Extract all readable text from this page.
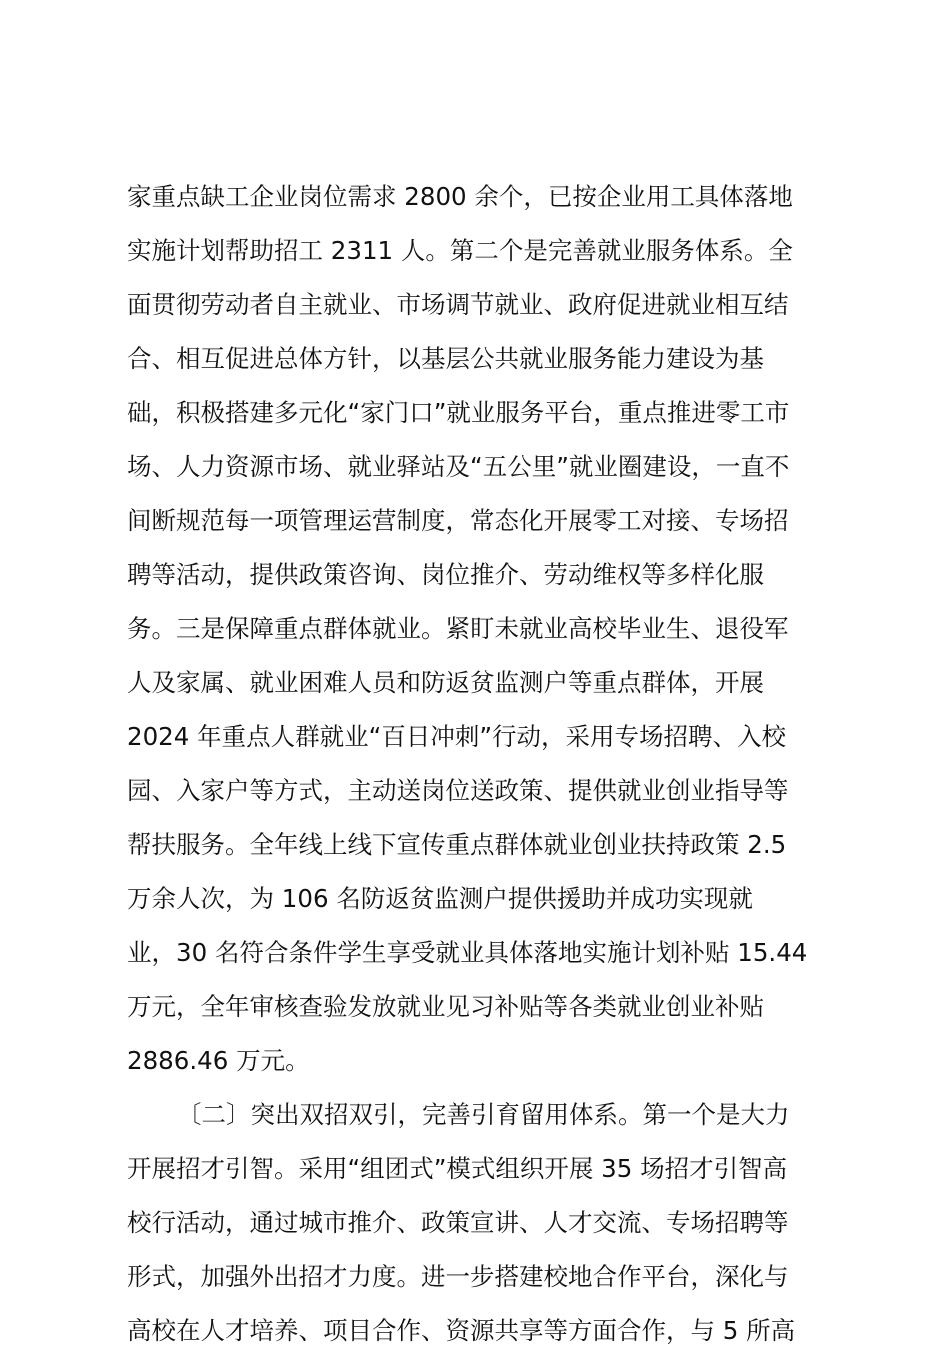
家重点缺工企业岗位需求 2800 余个，已按企业用工具体落地
实施计划帮助招工 2311 人。第二个是完善就业服务体系。全
面贯彻劳动者自主就业、市场调节就业、政府促进就业相互结
合、相互促进总体方针，以基层公共就业服务能力建设为基
础，积极搭建多元化“家门口”就业服务平台，重点推进零工市
场、人力资源市场、就业驿站及“五公里”就业圈建设，一直不
间断规范每一项管理运营制度，常态化开展零工对接、专场招
聘等活动，提供政策咨询、岗位推介、劳动维权等多样化服
务。三是保障重点群体就业。紧盯未就业高校毕业生、退役军
人及家属、就业困难人员和防返贫监测户等重点群体，开展
2024 年重点人群就业“百日冲刺”行动，采用专场招聘、入校
园、入家户等方式，主动送岗位送政策、提供就业创业指导等
帮扶服务。全年线上线下宣传重点群体就业创业扶持政策 2.5
万余人次，为 106 名防返贫监测户提供援助并成功实现就
业，30 名符合条件学生享受就业具体落地实施计划补贴 15.44
万元，全年审核查验发放就业见习补贴等各类就业创业补贴
2886.46 万元。
〔二〕突出双招双引，完善引育留用体系。第一个是大力
开展招才引智。采用“组团式”模式组织开展 35 场招才引智高
校行活动，通过城市推介、政策宣讲、人才交流、专场招聘等
形式，加强外出招才力度。进一步搭建校地合作平台，深化与
高校在人才培养、项目合作、资源共享等方面合作，与 5 所高
